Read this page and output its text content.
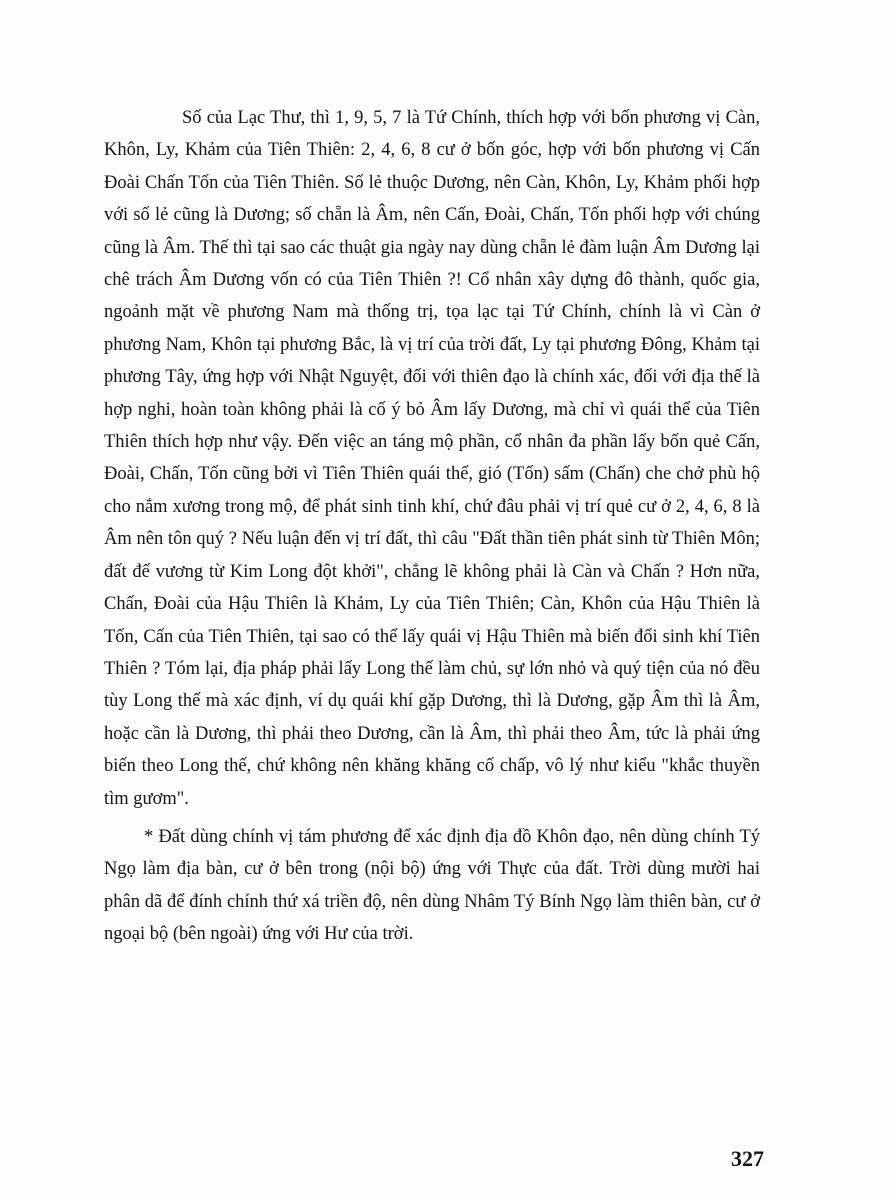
Số của Lạc Thư, thì 1, 9, 5, 7 là Tứ Chính, thích hợp với bốn phương vị Càn, Khôn, Ly, Khảm của Tiên Thiên: 2, 4, 6, 8 cư ở bốn góc, hợp với bốn phương vị Cấn Đoài Chấn Tốn của Tiên Thiên. Số lẻ thuộc Dương, nên Càn, Khôn, Ly, Khảm phối hợp với số lẻ cũng là Dương; số chẵn là Âm, nên Cấn, Đoài, Chấn, Tốn phối hợp với chúng cũng là Âm. Thế thì tại sao các thuật gia ngày nay dùng chẵn lẻ đàm luận Âm Dương lại chê trách Âm Dương vốn có của Tiên Thiên ?! Cổ nhân xây dựng đô thành, quốc gia, ngoảnh mặt về phương Nam mà thống trị, tọa lạc tại Tứ Chính, chính là vì Càn ở phương Nam, Khôn tại phương Bắc, là vị trí của trời đất, Ly tại phương Đông, Khảm tại phương Tây, ứng hợp với Nhật Nguyệt, đối với thiên đạo là chính xác, đối với địa thế là hợp nghi, hoàn toàn không phải là cố ý bỏ Âm lấy Dương, mà chỉ vì quái thể của Tiên Thiên thích hợp như vậy. Đến việc an táng mộ phần, cổ nhân đa phần lấy bốn quẻ Cấn, Đoài, Chấn, Tốn cũng bởi vì Tiên Thiên quái thể, gió (Tốn) sấm (Chấn) che chở phù hộ cho nắm xương trong mộ, để phát sinh tinh khí, chứ đâu phải vị trí quẻ cư ở 2, 4, 6, 8 là Âm nên tôn quý ? Nếu luận đến vị trí đất, thì câu "Đất thần tiên phát sinh từ Thiên Môn; đất đế vương từ Kim Long đột khởi", chẳng lẽ không phải là Càn và Chấn ? Hơn nữa, Chấn, Đoài của Hậu Thiên là Khảm, Ly của Tiên Thiên; Càn, Khôn của Hậu Thiên là Tốn, Cấn của Tiên Thiên, tại sao có thể lấy quái vị Hậu Thiên mà biến đổi sinh khí Tiên Thiên ? Tóm lại, địa pháp phải lấy Long thế làm chủ, sự lớn nhỏ và quý tiện của nó đều tùy Long thế mà xác định, ví dụ quái khí gặp Dương, thì là Dương, gặp Âm thì là Âm, hoặc cần là Dương, thì phải theo Dương, cần là Âm, thì phải theo Âm, tức là phải ứng biến theo Long thế, chứ không nên khăng khăng cố chấp, vô lý như kiểu "khắc thuyền tìm gươm".

* Đất dùng chính vị tám phương để xác định địa đồ Khôn đạo, nên dùng chính Tý Ngọ làm địa bàn, cư ở bên trong (nội bộ) ứng với Thực của đất. Trời dùng mười hai phân dã để đính chính thứ xá triền độ, nên dùng Nhâm Tý Bính Ngọ làm thiên bàn, cư ở ngoại bộ (bên ngoài) ứng với Hư của trời.

327
